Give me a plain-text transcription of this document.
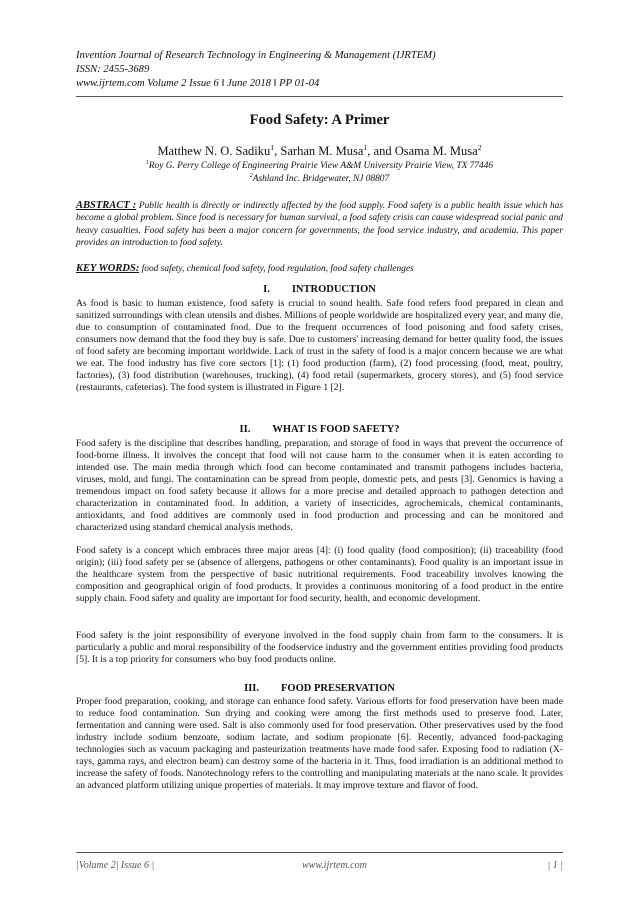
Invention Journal of Research Technology in Engineering & Management (IJRTEM)
ISSN: 2455-3689
www.ijrtem.com Volume 2 Issue 6 ǁ June 2018 ǁ PP 01-04
Food Safety: A Primer
Matthew N. O. Sadiku$^1$, Sarhan M. Musa$^1$, and Osama M. Musa$^2$
$^1$Roy G. Perry College of Engineering Prairie View A&M University Prairie View, TX 77446
$^2$Ashland Inc. Bridgewater, NJ 08807
ABSTRACT : Public health is directly or indirectly affected by the food supply. Food safety is a public health issue which has become a global problem. Since food is necessary for human survival, a food safety crisis can cause widespread social panic and heavy casualties. Food safety has been a major concern for governments, the food service industry, and academia. This paper provides an introduction to food safety.
KEY WORDS: food safety, chemical food safety, food regulation, food safety challenges
I. INTRODUCTION
As food is basic to human existence, food safety is crucial to sound health. Safe food refers food prepared in clean and sanitized surroundings with clean utensils and dishes. Millions of people worldwide are hospitalized every year, and many die, due to consumption of contaminated food. Due to the frequent occurrences of food poisoning and food safety crises, consumers now demand that the food they buy is safe. Due to customers' increasing demand for better quality food, the issues of food safety are becoming important worldwide. Lack of trust in the safety of food is a major concern because we are what we eat. The food industry has five core sectors [1]: (1) food production (farm), (2) food processing (food, meat, poultry, factories), (3) food distribution (warehouses, trucking), (4) food retail (supermarkets, grocery stores), and (5) food service (restaurants, cafeterias). The food system is illustrated in Figure 1 [2].
II. WHAT IS FOOD SAFETY?
Food safety is the discipline that describes handling, preparation, and storage of food in ways that prevent the occurrence of food-borne illness. It involves the concept that food will not cause harm to the consumer when it is eaten according to intended use. The main media through which food can become contaminated and transmit pathogens includes bacteria, viruses, mold, and fungi. The contamination can be spread from people, domestic pets, and pests [3]. Genomics is having a tremendous impact on food safety because it allows for a more precise and detailed approach to pathogen detection and characterization in contaminated food. In addition, a variety of insecticides, agrochemicals, chemical contaminants, antioxidants, and food additives are commonly used in food production and processing and can be monitored and characterized using standard chemical analysis methods.
Food safety is a concept which embraces three major areas [4]: (i) food quality (food composition); (ii) traceability (food origin); (iii) food safety per se (absence of allergens, pathogens or other contaminants). Food quality is an important issue in the healthcare system from the perspective of basic nutritional requirements. Food traceability involves knowing the composition and geographical origin of food products. It provides a continuous monitoring of a food product in the entire supply chain. Food safety and quality are important for food security, health, and economic development.
Food safety is the joint responsibility of everyone involved in the food supply chain from farm to the consumers. It is particularly a public and moral responsibility of the foodservice industry and the government entities providing food products [5]. It is a top priority for consumers who buy food products online.
III. FOOD PRESERVATION
Proper food preparation, cooking, and storage can enhance food safety. Various efforts for food preservation have been made to reduce food contamination. Sun drying and cooking were among the first methods used to preserve food. Later, fermentation and canning were used. Salt is also commonly used for food preservation. Other preservatives used by the food industry include sodium benzoate, sodium lactate, and sodium propionate [6]. Recently, advanced food-packaging technologies such as vacuum packaging and pasteurization treatments have made food safer. Exposing food to radiation (X-rays, gamma rays, and electron beam) can destroy some of the bacteria in it. Thus, food irradiation is an additional method to increase the safety of foods. Nanotechnology refers to the controlling and manipulating materials at the nano scale. It provides an advanced platform utilizing unique properties of materials. It may improve texture and flavor of food.
|Volume 2| Issue 6 |	www.ijrtem.com	| 1 |
